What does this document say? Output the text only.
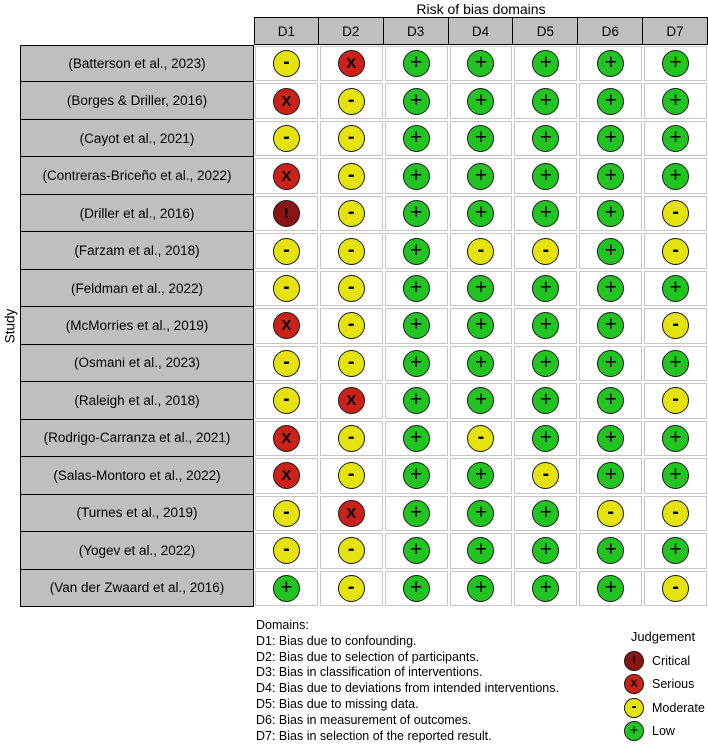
Risk of bias domains
Study
D1	D2	D3	D4	D5	D6	D7
(Batterson et al., 2023)	-	X	+	+	+	+	+
(Borges & Driller, 2016)	X	-	+	+	+	+	+
(Cayot et al., 2021)	-	-	+	+	+	+	+
(Contreras-Briceño et al., 2022)	X	-	+	+	+	+	+
(Driller et al., 2016)	!	-	+	+	+	+	-
(Farzam et al., 2018)	-	-	+	-	-	+	-
(Feldman et al., 2022)	-	-	+	+	+	+	+
(McMorries et al., 2019)	X	-	+	+	+	+	-
(Osmani et al., 2023)	-	-	+	+	+	+	+
(Raleigh et al., 2018)	-	X	+	+	+	+	-
(Rodrigo-Carranza et al., 2021)	X	-	+	-	+	+	+
(Salas-Montoro et al., 2022)	X	-	+	+	-	+	+
(Turnes et al., 2019)	-	X	+	+	+	-	-
(Yogev et al., 2022)	-	-	+	+	+	+	+
(Van der Zwaard et al., 2016)	+	-	+	+	+	+	-
Domains:
D1: Bias due to confounding.
D2: Bias due to selection of participants.
D3: Bias in classification of interventions.
D4: Bias due to deviations from intended interventions.
D5: Bias due to missing data.
D6: Bias in measurement of outcomes.
D7: Bias in selection of the reported result.
Judgement
! Critical
X Serious
- Moderate
+ Low
